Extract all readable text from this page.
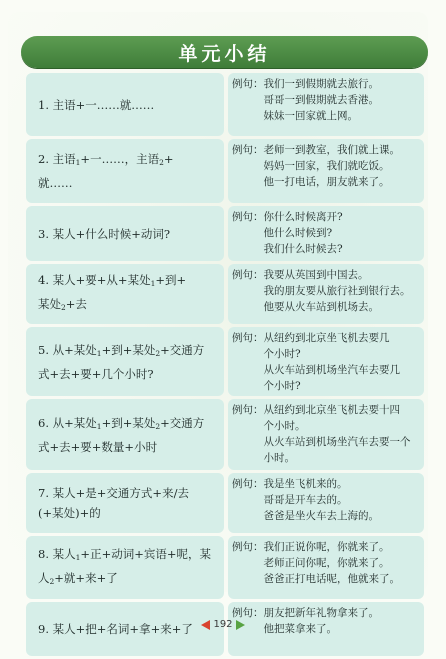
单元小结
1. 主语+一……就……
例句： 我们一到假期就去旅行。
哥哥一到假期就去香港。
妹妹一回家就上网。
2. 主语$_1$+一……，主语$_2$+
就……
例句： 老师一到教室，我们就上课。
妈妈一回家，我们就吃饭。
他一打电话，朋友就来了。
3. 某人+什么时候+动词?
例句： 你什么时候离开?
他什么时候到?
我们什么时候去?
4. 某人+要+从+某处$_1$+到+
某处$_2$+去
例句： 我要从英国到中国去。
我的朋友要从旅行社到银行去。
他要从火车站到机场去。
5. 从+某处$_1$+到+某处$_2$+交通方
式+去+要+几个小时?
例句： 从纽约到北京坐飞机去要几
个小时?
从火车站到机场坐汽车去要几
个小时?
6. 从+某处$_1$+到+某处$_2$+交通方
式+去+要+数量+小时
例句： 从纽约到北京坐飞机去要十四
个小时。
从火车站到机场坐汽车去要一个
小时。
7. 某人+是+交通方式+来/去
(+某处)+的
例句： 我是坐飞机来的。
哥哥是开车去的。
爸爸是坐火车去上海的。
8. 某人$_1$+正+动词+宾语+呢，某
人$_2$+就+来+了
例句： 我们正说你呢，你就来了。
老师正问你呢，你就来了。
爸爸正打电话呢，他就来了。
9. 某人+把+名词+拿+来+了
例句： 朋友把新年礼物拿来了。
他把菜拿来了。
192
